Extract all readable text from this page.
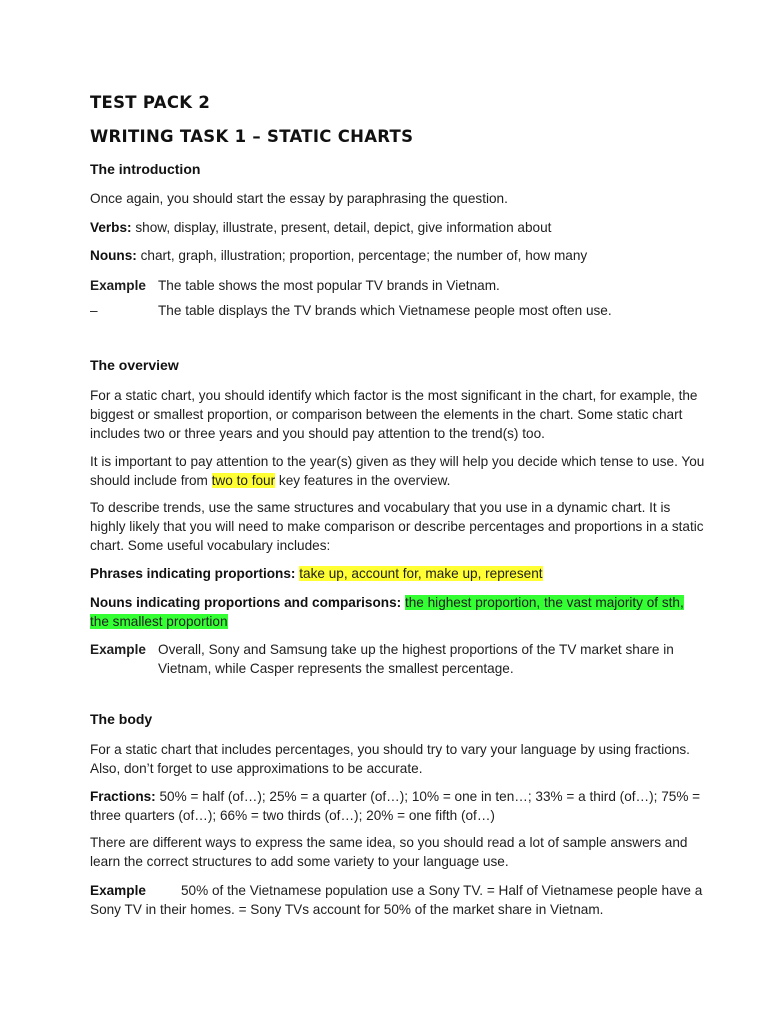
TEST PACK 2
WRITING TASK 1 – STATIC CHARTS
The introduction
Once again, you should start the essay by paraphrasing the question.
Verbs: show, display, illustrate, present, detail, depict, give information about
Nouns: chart, graph, illustration; proportion, percentage; the number of, how many
Example The table shows the most popular TV brands in Vietnam.
–	The table displays the TV brands which Vietnamese people most often use.
The overview
For a static chart, you should identify which factor is the most significant in the chart, for example, the biggest or smallest proportion, or comparison between the elements in the chart. Some static chart includes two or three years and you should pay attention to the trend(s) too.
It is important to pay attention to the year(s) given as they will help you decide which tense to use. You should include from two to four key features in the overview.
To describe trends, use the same structures and vocabulary that you use in a dynamic chart. It is highly likely that you will need to make comparison or describe percentages and proportions in a static chart. Some useful vocabulary includes:
Phrases indicating proportions: take up, account for, make up, represent
Nouns indicating proportions and comparisons: the highest proportion, the vast majority of sth, the smallest proportion
Example Overall, Sony and Samsung take up the highest proportions of the TV market share in Vietnam, while Casper represents the smallest percentage.
The body
For a static chart that includes percentages, you should try to vary your language by using fractions. Also, don’t forget to use approximations to be accurate.
Fractions: 50% = half (of…); 25% = a quarter (of…); 10% = one in ten…; 33% = a third (of…); 75% = three quarters (of…); 66% = two thirds (of…); 20% = one fifth (of…)
There are different ways to express the same idea, so you should read a lot of sample answers and learn the correct structures to add some variety to your language use.
Example	50% of the Vietnamese population use a Sony TV. = Half of Vietnamese people have a Sony TV in their homes. = Sony TVs account for 50% of the market share in Vietnam.
